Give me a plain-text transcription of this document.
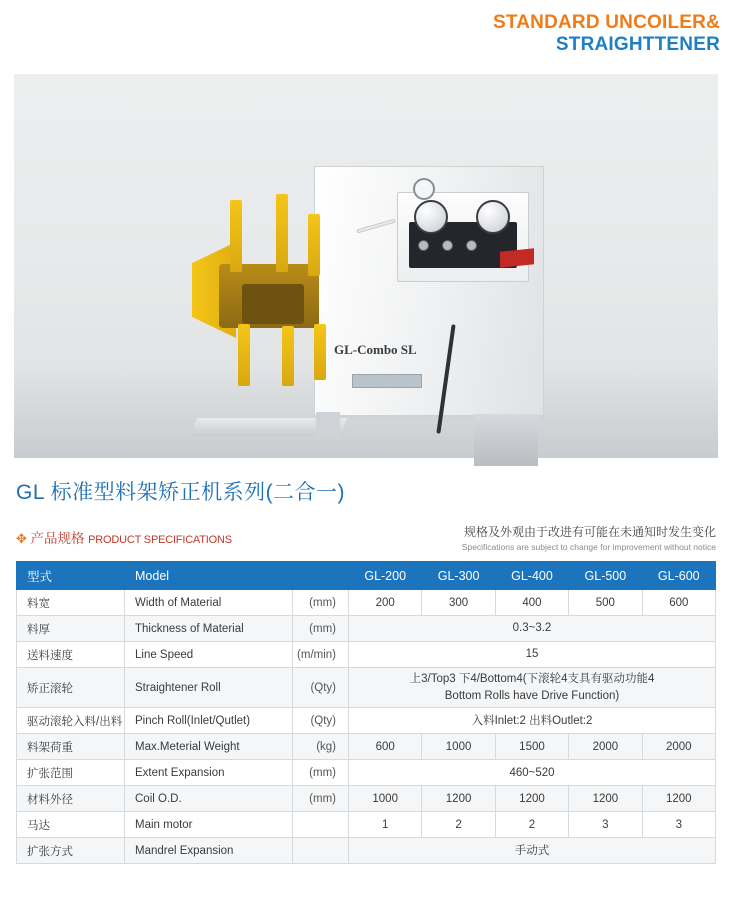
STANDARD UNCOILER&
STRAIGHTTENER
GL-Combo SL
GL 标准型料架矫正机系列(二合一)
✥ 产品规格 PRODUCT SPECIFICATIONS
规格及外观由于改进有可能在未通知时发生变化
Specifications are subject to change for improvement without notice
型式	Model		GL-200	GL-300	GL-400	GL-500	GL-600
料宽	Width of Material	(mm)	200	300	400	500	600
料厚	Thickness of Material	(mm)	0.3~3.2				
送料速度	Line Speed	(m/min)	15				
矫正滚轮	Straightener Roll	(Qty)	上3/Top3 下4/Bottom4(下滚轮4支具有驱动功能4
Bottom Rolls have Drive Function)				
驱动滚轮入料/出料	Pinch Roll(Inlet/Qutlet)	(Qty)	入料Inlet:2 出料Outlet:2				
料架荷重	Max.Meterial Weight	(kg)	600	1000	1500	2000	2000
扩张范围	Extent Expansion	(mm)	460~520				
材料外径	Coil O.D.	(mm)	1000	1200	1200	1200	1200
马达	Main motor		1	2	2	3	3
扩张方式	Mandrel Expansion		手动式				
